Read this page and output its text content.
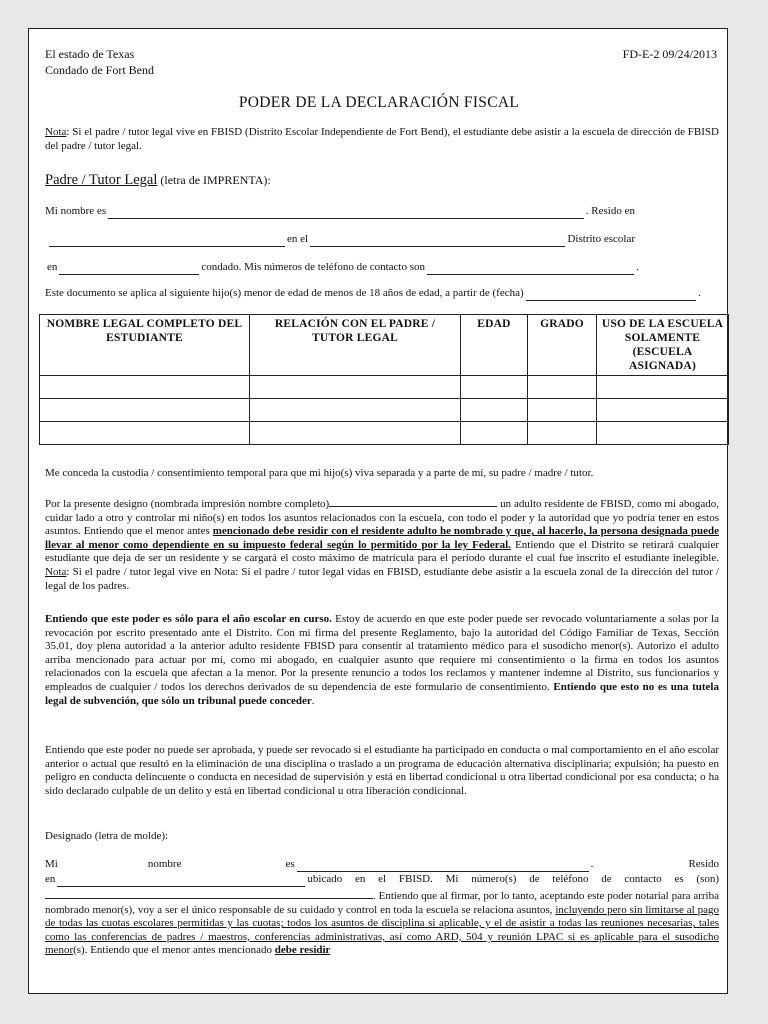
El estado de Texas
Condado de Fort Bend
FD-E-2 09/24/2013
PODER DE LA DECLARACIÓN FISCAL
Nota: Si el padre / tutor legal vive en FBISD (Distrito Escolar Independiente de Fort Bend), el estudiante debe asistir a la escuela de dirección de FBISD del padre / tutor legal.
Padre / Tutor Legal (letra de IMPRENTA):
Mi nombre es	. Resido en
en el	Distrito escolar
en	condado. Mis números de teléfono de contacto son	.
Este documento se aplica al siguiente hijo(s) menor de edad de menos de 18 años de edad, a partir de (fecha)	.
NOMBRE LEGAL COMPLETO DEL ESTUDIANTE	RELACIÓN CON EL PADRE / TUTOR LEGAL	EDAD	GRADO	USO DE LA ESCUELA SOLAMENTE (ESCUELA ASIGNADA)

Me conceda la custodia / consentimiento temporal para que mi hijo(s) viva separada y a parte de mí, su padre / madre / tutor.
Por la presente designo (nombrada impresión nombre completo)	un adulto residente de FBISD, como mi abogado, cuidar lado a otro y controlar mi niño(s) en todos los asuntos relacionados con la escuela, con todo el poder y la autoridad que yo podría tener en estos asuntos. Entiendo que el menor antes mencionado debe residir con el residente adulto he nombrado y que, al hacerlo, la persona designada puede llevar al menor como dependiente en su impuesto federal según lo permitido por la ley Federal. Entiendo que el Distrito se retirará cualquier estudiante que deja de ser un residente y se cargará el costo máximo de matrícula para el período durante el cual fue inscrito el estudiante inelegible. Nota: Si el padre / tutor legal vive en Nota: Si el padre / tutor legal vidas en FBISD, estudiante debe asistir a la escuela zonal de la dirección del tutor / legal de los padres.
Entiendo que este poder es sólo para el año escolar en curso. Estoy de acuerdo en que este poder puede ser revocado voluntariamente a solas por la revocación por escrito presentado ante el Distrito. Con mi firma del presente Reglamento, bajo la autoridad del Código Familiar de Texas, Sección 35.01, doy plena autoridad a la anterior adulto residente FBISD para consentir al tratamiento médico para el susodicho menor(s). Autorizo el adulto arriba mencionado para actuar por mí, como mi abogado, en cualquier asunto que requiere mi consentimiento o la firma en todos los asuntos relacionados con la escuela que afectan a la menor. Por la presente renuncio a todos los reclamos y mantener indemne al Distrito, sus funcionarios y empleados de cualquier / todos los derechos derivados de su dependencia de este formulario de consentimiento. Entiendo que esto no es una tutela legal de subvención, que sólo un tribunal puede conceder.
Entiendo que este poder no puede ser aprobada, y puede ser revocado si el estudiante ha participado en conducta o mal comportamiento en el año escolar anterior o actual que resultó en la eliminación de una disciplina o traslado a un programa de educación alternativa disciplinaria; expulsión; ha puesto en peligro en conducta delincuente o conducta en necesidad de supervisión y está en libertad condicional u otra libertad condicional por esa conducta; o ha sido declarado culpable de un delito y está en libertad condicional u otra liberación condicional.
Designado (letra de molde):
Mi	nombre	es	.	Resido
en	ubicado en el FBISD. Mi número(s) de teléfono de contacto es (son)
. Entiendo que al firmar, por lo tanto, aceptando este poder notarial para arriba nombrado menor(s), voy a ser el único responsable de su cuidado y control en toda la escuela se relaciona asuntos, incluyendo pero sin limitarse al pago de todas las cuotas escolares permitidas y las cuotas; todos los asuntos de disciplina si aplicable, y el de asistir a todas las reuniones necesarias, tales como las conferencias de padres / maestros, conferencias administrativas, así como ARD, 504 y reunión LPAC si es aplicable para el susodicho menor(s). Entiendo que el menor antes mencionado debe residir
